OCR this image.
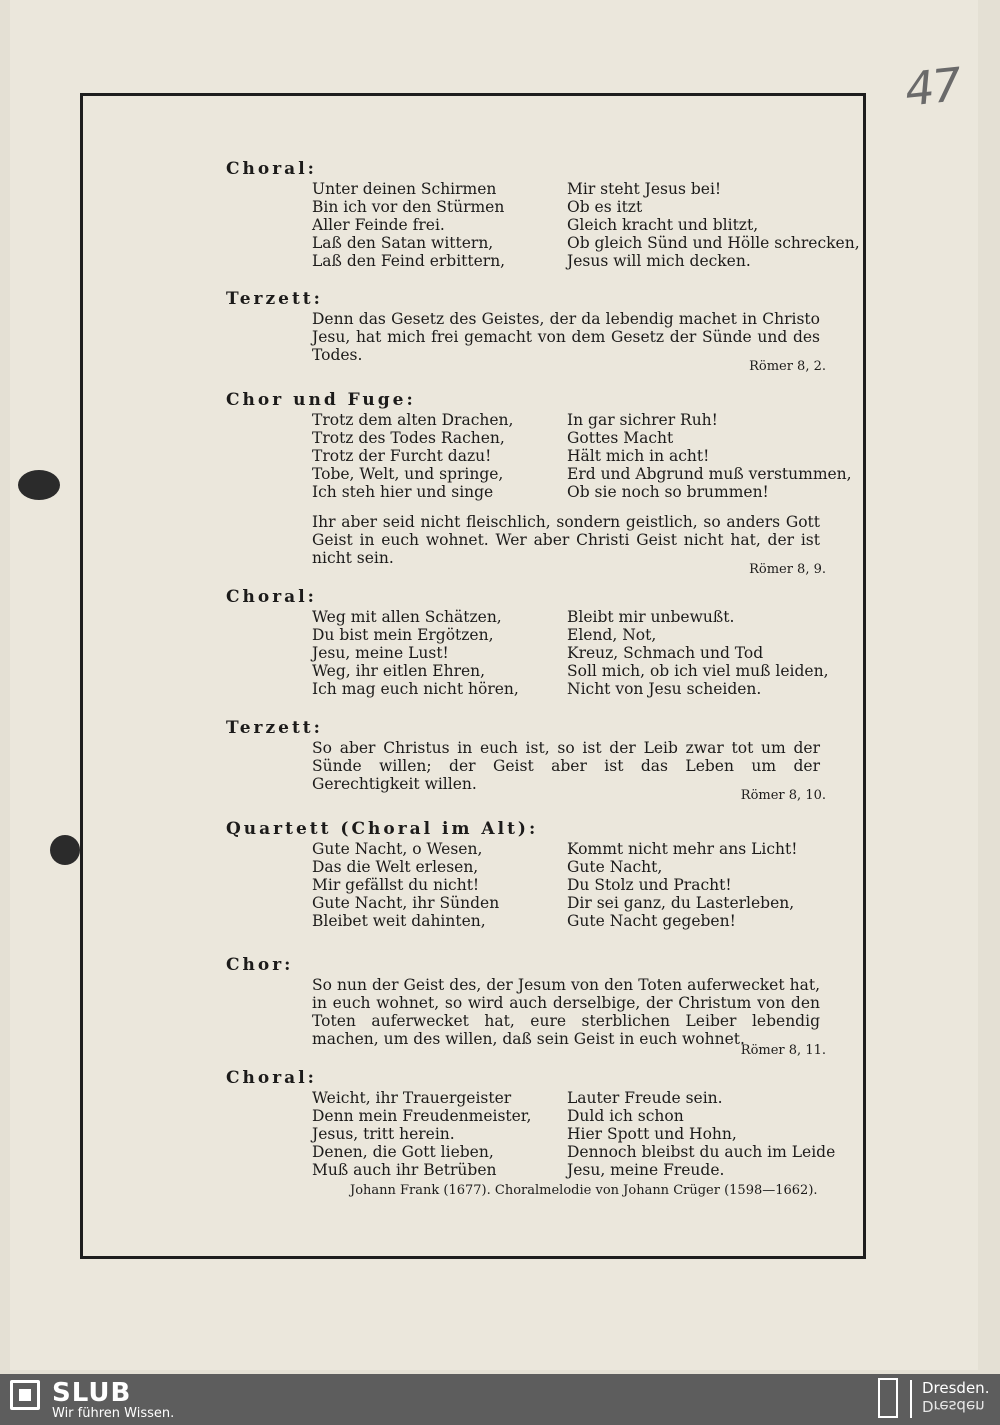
47
Choral:
Unter deinen Schirmen
Bin ich vor den Stürmen
Aller Feinde frei.
Laß den Satan wittern,
Laß den Feind erbittern,
Mir steht Jesus bei!
Ob es itzt
Gleich kracht und blitzt,
Ob gleich Sünd und Hölle schrecken,
Jesus will mich decken.
Terzett:
Denn das Gesetz des Geistes, der da lebendig machet in Christo Jesu, hat mich frei gemacht von dem Gesetz der Sünde und des Todes.
Römer 8, 2.
Chor und Fuge:
Trotz dem alten Drachen,
Trotz des Todes Rachen,
Trotz der Furcht dazu!
Tobe, Welt, und springe,
Ich steh hier und singe
In gar sichrer Ruh!
Gottes Macht
Hält mich in acht!
Erd und Abgrund muß verstummen,
Ob sie noch so brummen!
Ihr aber seid nicht fleischlich, sondern geistlich, so anders Gott Geist in euch wohnet. Wer aber Christi Geist nicht hat, der ist nicht sein.
Römer 8, 9.
Choral:
Weg mit allen Schätzen,
Du bist mein Ergötzen,
Jesu, meine Lust!
Weg, ihr eitlen Ehren,
Ich mag euch nicht hören,
Bleibt mir unbewußt.
Elend, Not,
Kreuz, Schmach und Tod
Soll mich, ob ich viel muß leiden,
Nicht von Jesu scheiden.
Terzett:
So aber Christus in euch ist, so ist der Leib zwar tot um der Sünde willen; der Geist aber ist das Leben um der Gerechtigkeit willen.
Römer 8, 10.
Quartett (Choral im Alt):
Gute Nacht, o Wesen,
Das die Welt erlesen,
Mir gefällst du nicht!
Gute Nacht, ihr Sünden
Bleibet weit dahinten,
Kommt nicht mehr ans Licht!
Gute Nacht,
Du Stolz und Pracht!
Dir sei ganz, du Lasterleben,
Gute Nacht gegeben!
Chor:
So nun der Geist des, der Jesum von den Toten auferwecket hat, in euch wohnet, so wird auch derselbige, der Christum von den Toten auferwecket hat, eure sterblichen Leiber lebendig machen, um des willen, daß sein Geist in euch wohnet.
Römer 8, 11.
Choral:
Weicht, ihr Trauergeister
Denn mein Freudenmeister,
Jesus, tritt herein.
Denen, die Gott lieben,
Muß auch ihr Betrüben
Lauter Freude sein.
Duld ich schon
Hier Spott und Hohn,
Dennoch bleibst du auch im Leide
Jesu, meine Freude.
Johann Frank (1677). Choralmelodie von Johann Crüger (1598—1662).
SLUB
Wir führen Wissen.
Dresden.
Dresden
